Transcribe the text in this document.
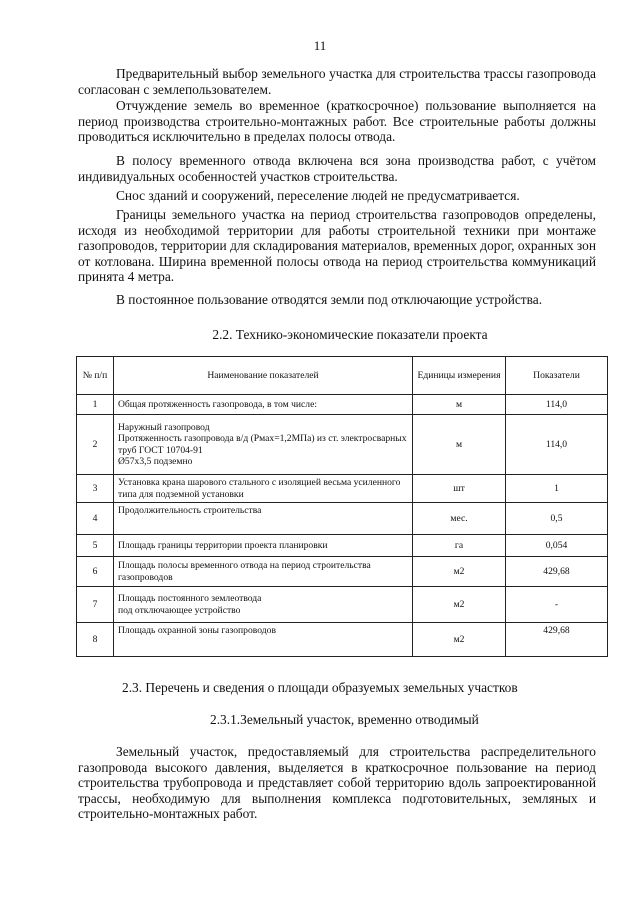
11

Предварительный выбор земельного участка для строительства трассы газопровода согласован с землепользователем.

Отчуждение земель во временное (краткосрочное) пользование выполняется на период производства строительно-монтажных работ. Все строительные работы должны проводиться исключительно в пределах полосы отвода.

В полосу временного отвода включена вся зона производства работ, с учётом индивидуальных особенностей участков строительства.

Снос зданий и сооружений, переселение людей не предусматривается.

Границы земельного участка на период строительства газопроводов определены, исходя из необходимой территории для работы строительной техники при монтаже газопроводов, территории для складирования материалов, временных дорог, охранных зон от котлована. Ширина временной полосы отвода на период строительства коммуникаций принята 4 метра.

В постоянное пользование отводятся земли под отключающие устройства.

2.2. Технико-экономические показатели проекта

№ п/п	Наименование показателей	Единицы измерения	Показатели
1	Общая протяженность газопровода, в том числе:	м	114,0
2	Наружный газопровод
Протяженность газопровода в/д (Рмах=1,2МПа) из ст. электросварных труб ГОСТ 10704-91
Ø57х3,5 подземно	м	114,0
3	Установка крана шарового стального с изоляцией весьма усиленного типа для подземной установки	шт	1
4	Продолжительность строительства	мес.	0,5
5	Площадь границы территории проекта планировки	га	0,054
6	Площадь полосы временного отвода на период строительства газопроводов	м2	429,68
7	Площадь постоянного землеотвода
под отключающее устройство	м2	-
8	Площадь охранной зоны газопроводов	м2	429,68

2.3. Перечень и сведения о площади образуемых земельных участков

2.3.1.Земельный участок, временно отводимый

Земельный участок, предоставляемый для строительства распределительного газопровода высокого давления, выделяется в краткосрочное пользование на период строительства трубопровода и представляет собой территорию вдоль запроектированной трассы, необходимую для выполнения комплекса подготовительных, земляных и строительно-монтажных работ.
